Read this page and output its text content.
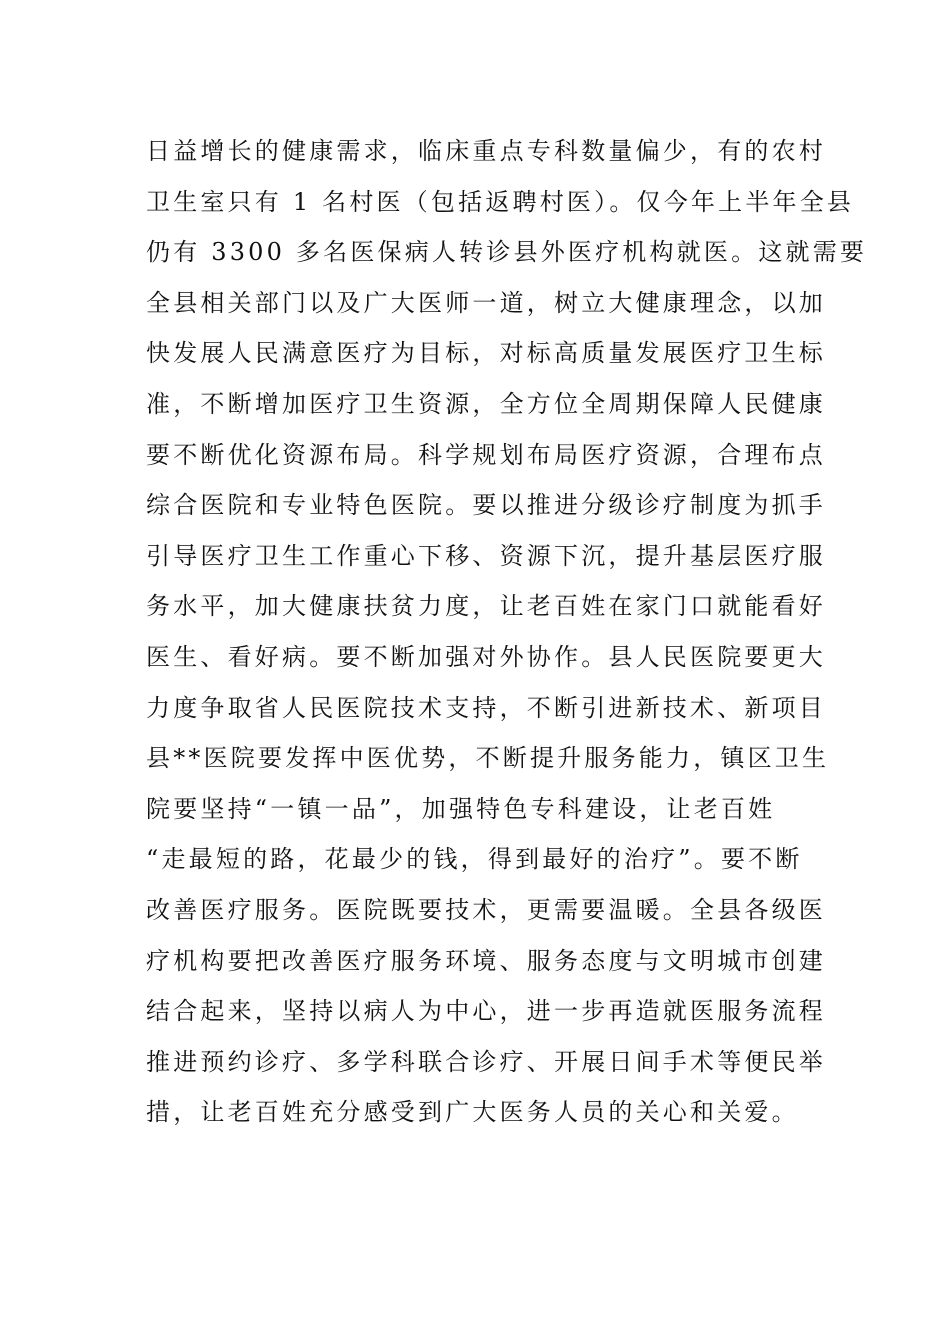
日益增长的健康需求，临床重点专科数量偏少，有的农村
卫生室只有 1 名村医（包括返聘村医）。仅今年上半年全县
仍有 3300 多名医保病人转诊县外医疗机构就医。这就需要
全县相关部门以及广大医师一道，树立大健康理念，以加
快发展人民满意医疗为目标，对标高质量发展医疗卫生标
准，不断增加医疗卫生资源，全方位全周期保障人民健康
要不断优化资源布局。科学规划布局医疗资源，合理布点
综合医院和专业特色医院。要以推进分级诊疗制度为抓手
引导医疗卫生工作重心下移、资源下沉，提升基层医疗服
务水平，加大健康扶贫力度，让老百姓在家门口就能看好
医生、看好病。要不断加强对外协作。县人民医院要更大
力度争取省人民医院技术支持，不断引进新技术、新项目
县**医院要发挥中医优势，不断提升服务能力，镇区卫生
院要坚持“一镇一品”，加强特色专科建设，让老百姓
“走最短的路，花最少的钱，得到最好的治疗”。要不断
改善医疗服务。医院既要技术，更需要温暖。全县各级医
疗机构要把改善医疗服务环境、服务态度与文明城市创建
结合起来，坚持以病人为中心，进一步再造就医服务流程
推进预约诊疗、多学科联合诊疗、开展日间手术等便民举
措，让老百姓充分感受到广大医务人员的关心和关爱。
